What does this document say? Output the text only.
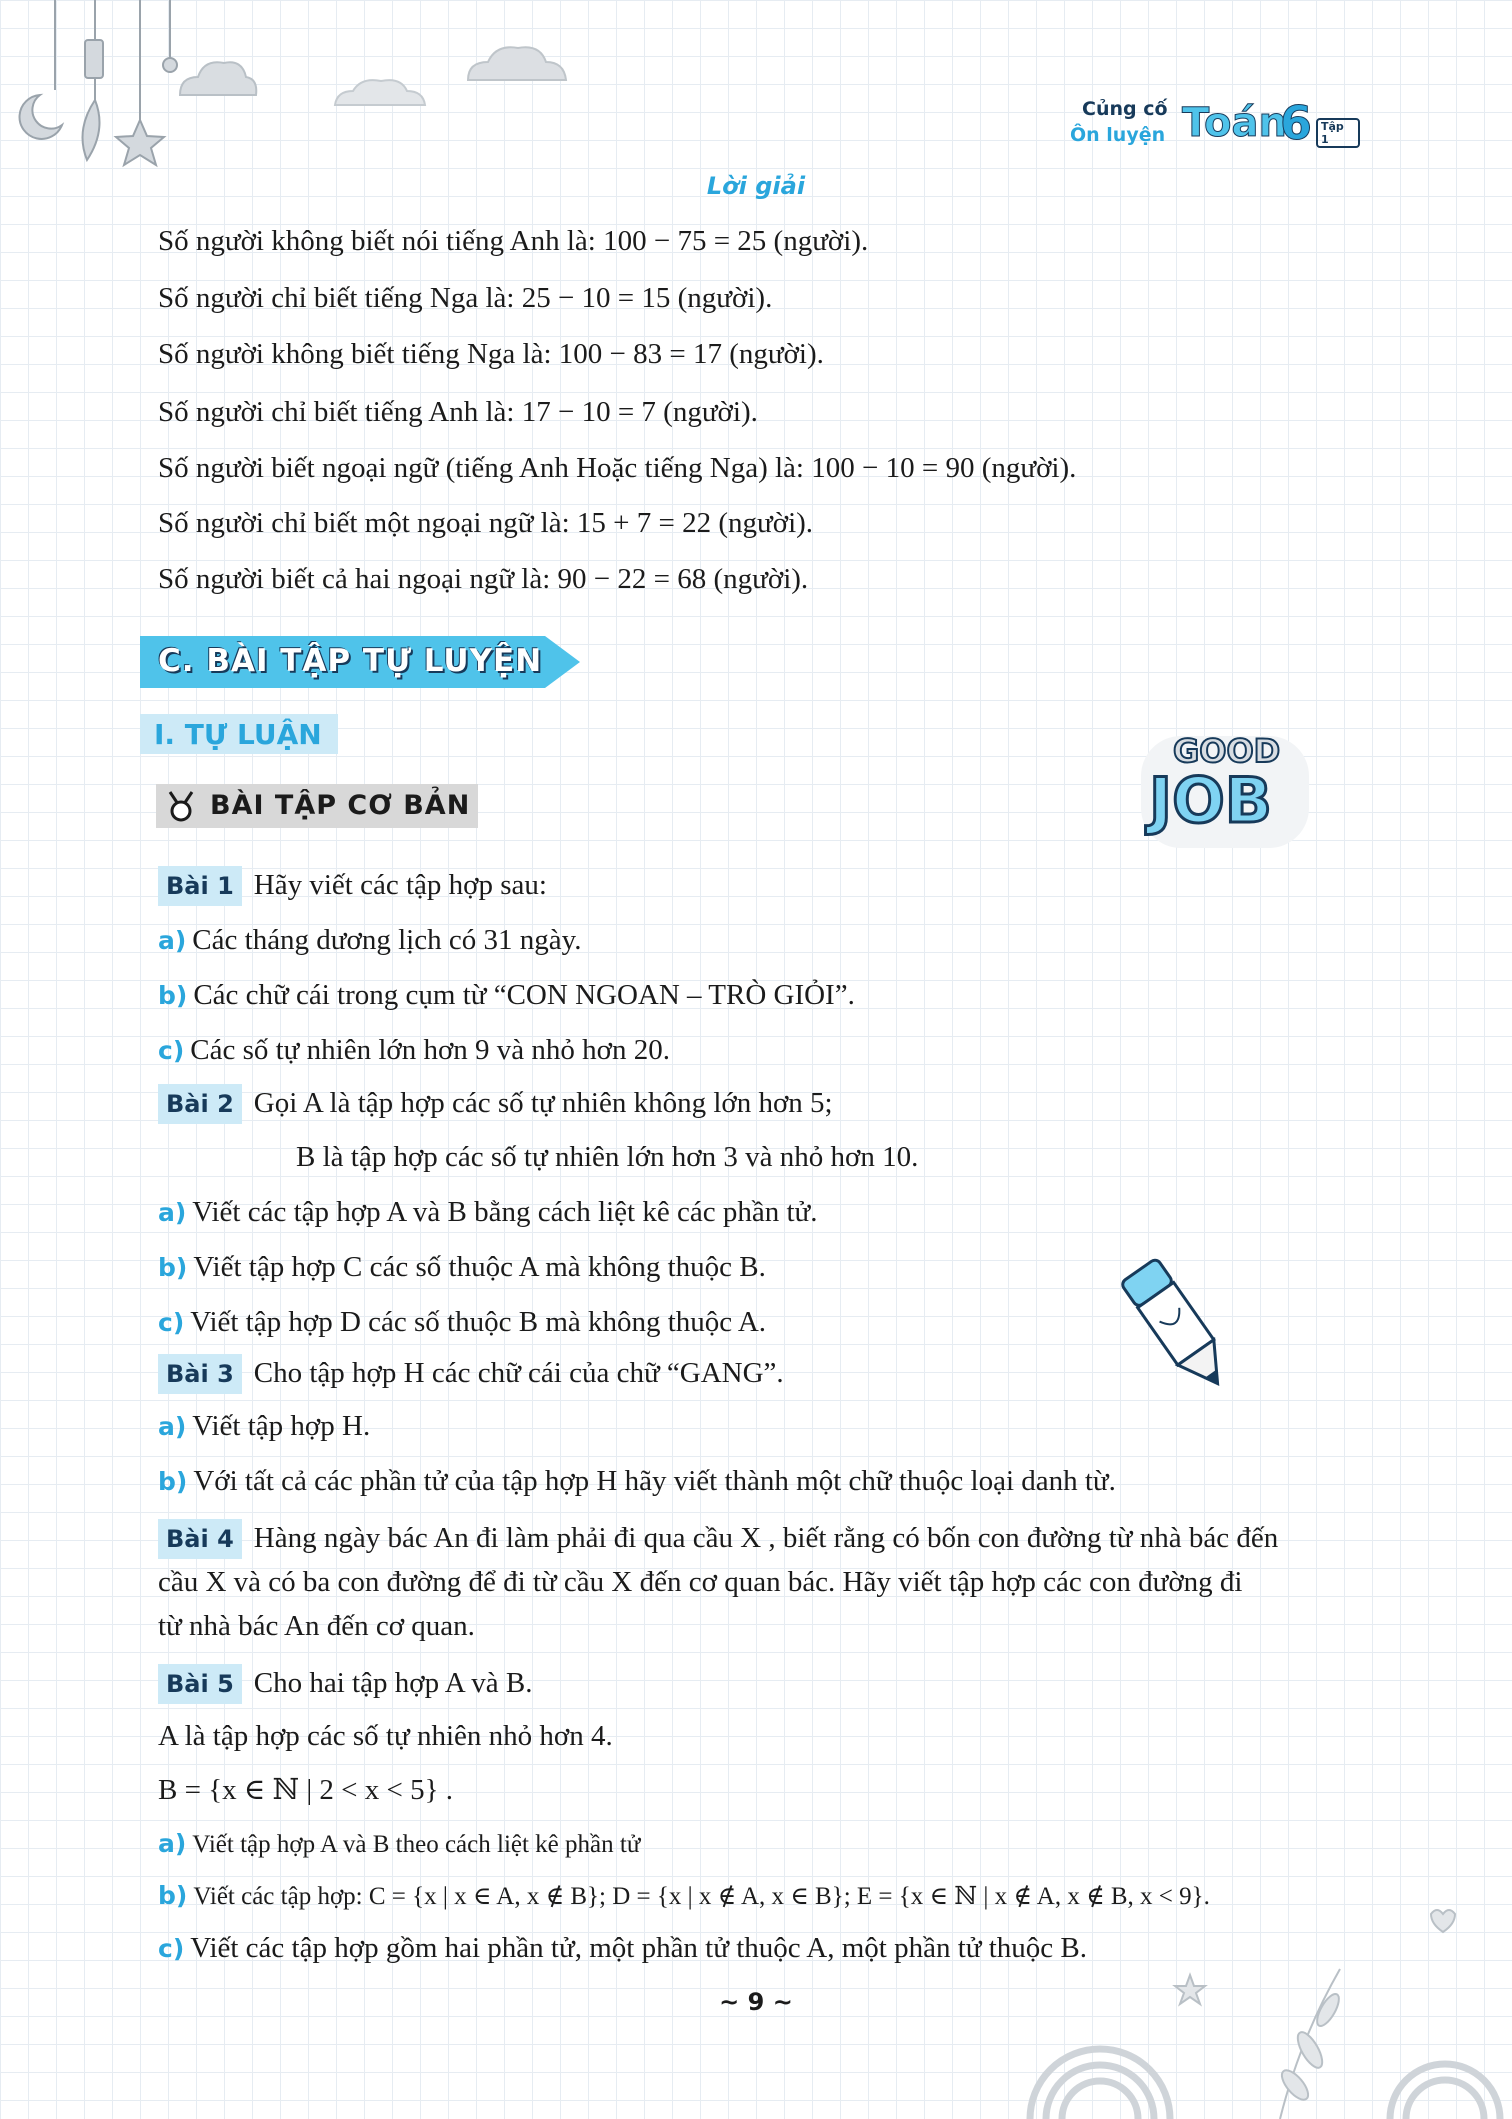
Củng cố
Ôn luyện Toán
6 Tập 1
Lời giải
Số người không biết nói tiếng Anh là: 100 − 75 = 25 (người).
Số người chỉ biết tiếng Nga là: 25 − 10 = 15 (người).
Số người không biết tiếng Nga là: 100 − 83 = 17 (người).
Số người chỉ biết tiếng Anh là: 17 − 10 = 7 (người).
Số người biết ngoại ngữ (tiếng Anh Hoặc tiếng Nga) là: 100 − 10 = 90 (người).
Số người chỉ biết một ngoại ngữ là: 15 + 7 = 22 (người).
Số người biết cả hai ngoại ngữ là: 90 − 22 = 68 (người).
C. BÀI TẬP TỰ LUYỆN
I. TỰ LUẬN
BÀI TẬP CƠ BẢN
GOOD
JOB
Bài 1 Hãy viết các tập hợp sau:
a) Các tháng dương lịch có 31 ngày.
b) Các chữ cái trong cụm từ “CON NGOAN – TRÒ GIỎI”.
c) Các số tự nhiên lớn hơn 9 và nhỏ hơn 20.
Bài 2 Gọi A là tập hợp các số tự nhiên không lớn hơn 5;
B là tập hợp các số tự nhiên lớn hơn 3 và nhỏ hơn 10.
a) Viết các tập hợp A và B bằng cách liệt kê các phần tử.
b) Viết tập hợp C các số thuộc A mà không thuộc B.
c) Viết tập hợp D các số thuộc B mà không thuộc A.
Bài 3 Cho tập hợp H các chữ cái của chữ “GANG”.
a) Viết tập hợp H.
b) Với tất cả các phần tử của tập hợp H hãy viết thành một chữ thuộc loại danh từ.
Bài 4 Hàng ngày bác An đi làm phải đi qua cầu X , biết rằng có bốn con đường từ nhà bác đến
cầu X và có ba con đường để đi từ cầu X đến cơ quan bác. Hãy viết tập hợp các con đường đi
từ nhà bác An đến cơ quan.
Bài 5 Cho hai tập hợp A và B.
A là tập hợp các số tự nhiên nhỏ hơn 4.
B = {x ∈ ℕ | 2 < x < 5} .
a) Viết tập hợp A và B theo cách liệt kê phần tử
b) Viết các tập hợp: C = {x | x ∈ A, x ∉ B}; D = {x | x ∉ A, x ∈ B}; E = {x ∈ ℕ | x ∉ A, x ∉ B, x < 9}.
c) Viết các tập hợp gồm hai phần tử, một phần tử thuộc A, một phần tử thuộc B.
~ 9 ~
